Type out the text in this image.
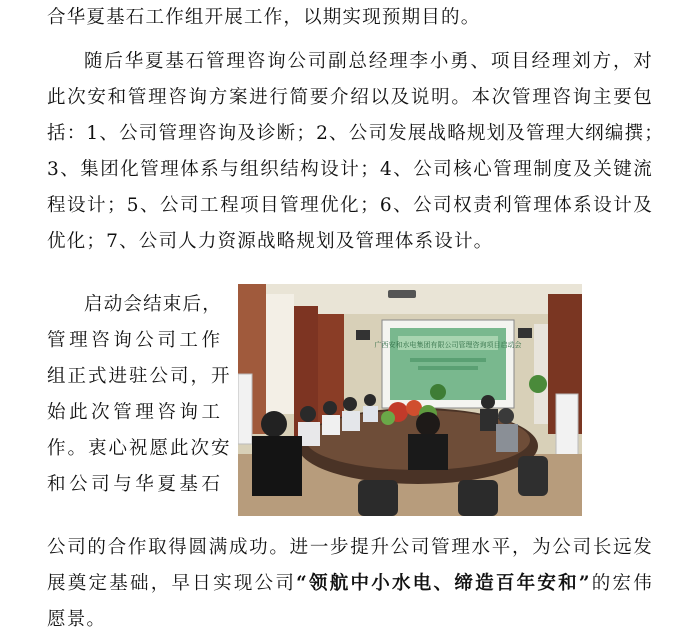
合华夏基石工作组开展工作，以期实现预期目的。
随后华夏基石管理咨询公司副总经理李小勇、项目经理刘方，对
此次安和管理咨询方案进行简要介绍以及说明。本次管理咨询主要包
括：1、公司管理咨询及诊断；2、公司发展战略规划及管理大纲编撰；
3、集团化管理体系与组织结构设计；4、公司核心管理制度及关键流
程设计；5、公司工程项目管理优化；6、公司权责利管理体系设计及
优化；7、公司人力资源战略规划及管理体系设计。
启动会结束后，
管理咨询公司工作
组正式进驻公司，开
始此次管理咨询工
作。衷心祝愿此次安
和公司与华夏基石
公司的合作取得圆满成功。进一步提升公司管理水平，为公司长远发
展奠定基础，早日实现公司“领航中小水电、缔造百年安和”的宏伟
愿景。
广西安和水电集团有限公司管理咨询项目启动会
